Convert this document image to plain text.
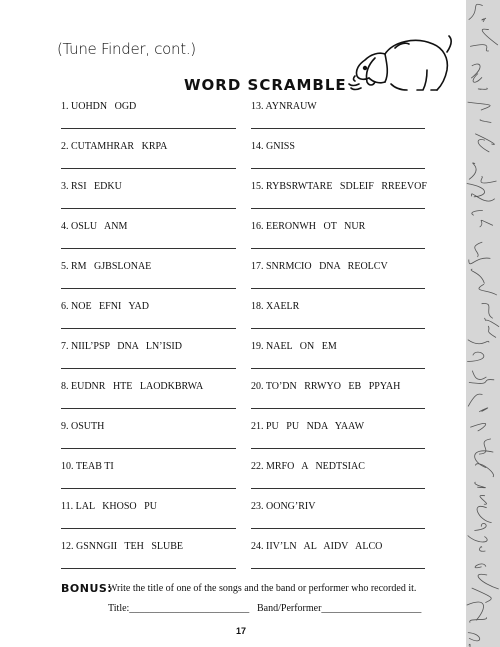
(Tune Finder, cont.)
WORD SCRAMBLE
1. UOHDN   OGD
2. CUTAMHRAR   KRPA
3. RSI   EDKU
4. OSLU   ANM
5. RM   GJBSLONAE
6. NOE   EFNI   YAD
7. NIIL’PSP   DNA   LN’ISID
8. EUDNR   HTE   LAODKBRWA
9. OSUTH
10. TEAB TI
11. LAL   KHOSO   PU
12. GSNNGII   TEH   SLUBE
13. AYNRAUW
14. GNISS
15. RYBSRWTARE   SDLEIF   RREEVOF
16. EERONWH   OT   NUR
17. SNRMCIO   DNA   REOLCV
18. XAELR
19. NAEL   ON   EM
20. TO’DN   RRWYO   EB   PPYAH
21. PU   PU   NDA   YAAW
22. MRFO   A   NEDTSIAC
23. OONG’RIV
24. IIV’LN   AL   AIDV   ALCO
BONUS:
Write the title of one of the songs and the band or performer who recorded it.
Title:________________________ Band/Performer____________________
17
